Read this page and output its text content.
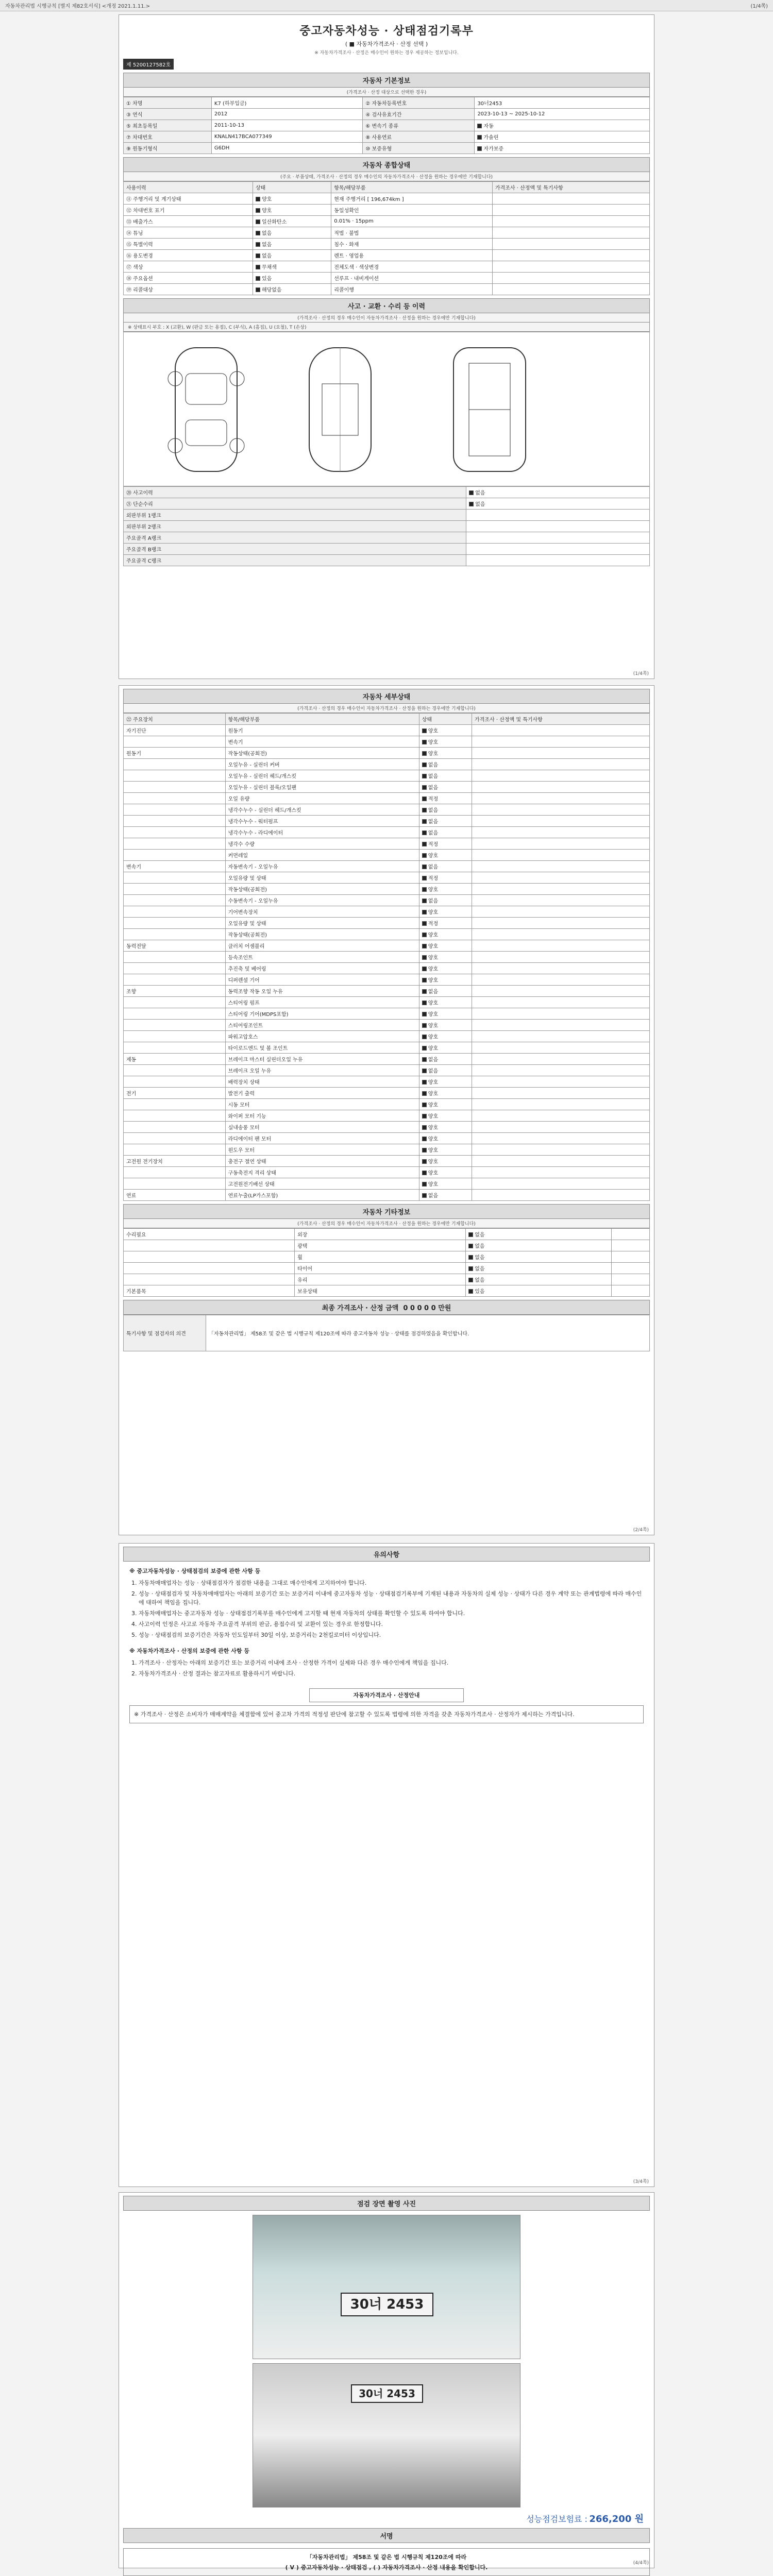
자동차관리법 시행규칙 [별지 제82호서식] <개정 2021.1.11.>	(1/4쪽)
중고자동차성능 · 상태점검기록부
( ■ 자동차가격조사 · 산정 선택 )
※ 자동차가격조사 · 산정은 매수인이 원하는 경우 제공하는 정보입니다.
제 5200127582호
자동차 기본정보
(가격조사 · 산정 대상으로 선택한 경우)
① 차명	K7 (하부입금)	② 자동차등록번호	30너2453
③ 연식	2012	④ 검사유효기간	2023-10-13 ~ 2025-10-12
⑤ 최초등록일	2011-10-13	⑥ 변속기 종류	자동
⑦ 차대번호	KNALN417BCA077349	⑧ 사용연료	가솔린
⑨ 원동기형식	G6DH	⑩ 보증유형	자가보증
자동차 종합상태
(주요 · 부품상태, 가격조사 · 산정의 경우 매수인의 자동차가격조사 · 산정을 원하는 경우에만 기재합니다)
사용이력	상태	항목/해당부품	가격조사 · 산정액 및 특기사항
⑪ 주행거리 및 계기상태	양호	현재 주행거리 [ 196,674km ]	
⑫ 차대번호 표기	양호	동일성확인	
⑬ 배출가스	일산화탄소	0.01% · 15ppm	
⑭ 튜닝	없음	적법 · 불법	
⑮ 특별이력	없음	침수 · 화재	
⑯ 용도변경	없음	렌트 · 영업용	
⑰ 색상	무채색	전체도색 · 색상변경	
⑱ 주요옵션	있음	선루프 · 내비게이션	
⑲ 리콜대상	해당없음	리콜이행	
사고 · 교환 · 수리 등 이력
(가격조사 · 산정의 경우 매수인이 자동차가격조사 · 산정을 원하는 경우에만 기재합니다)
※ 상태표시 부호 : X (교환), W (판금 또는 용접), C (부식), A (흠집), U (요철), T (손상)
⑳ 사고이력	없음
㉑ 단순수리	없음
외판부위 1랭크	
외판부위 2랭크	
주요골격 A랭크	
주요골격 B랭크	
주요골격 C랭크	
(1/4쪽)
자동차 세부상태
(가격조사 · 산정의 경우 매수인이 자동차가격조사 · 산정을 원하는 경우에만 기재합니다)
㉒ 주요장치	항목/해당부품	상태	가격조사 · 산정액 및 특기사항
자기진단	원동기	양호	
	변속기	양호	
원동기	작동상태(공회전)	양호	
	오일누유 - 실린더 커버	없음	
	오일누유 - 실린더 헤드/개스킷	없음	
	오일누유 - 실린더 블록/오일팬	없음	
	오일 유량	적정	
	냉각수누수 - 실린더 헤드/개스킷	없음	
	냉각수누수 - 워터펌프	없음	
	냉각수누수 - 라디에이터	없음	
	냉각수 수량	적정	
	커먼레일	양호	
변속기	자동변속기 - 오일누유	없음	
	오일유량 및 상태	적정	
	작동상태(공회전)	양호	
	수동변속기 - 오일누유	없음	
	기어변속장치	양호	
	오일유량 및 상태	적정	
	작동상태(공회전)	양호	
동력전달	클러치 어셈블리	양호	
	등속조인트	양호	
	추진축 및 베어링	양호	
	디퍼렌셜 기어	양호	
조향	동력조향 작동 오일 누유	없음	
	스티어링 펌프	양호	
	스티어링 기어(MDPS포함)	양호	
	스티어링조인트	양호	
	파워고압호스	양호	
	타이로드엔드 및 볼 조인트	양호	
제동	브레이크 마스터 실린더오일 누유	없음	
	브레이크 오일 누유	없음	
	배력장치 상태	양호	
전기	발전기 출력	양호	
	시동 모터	양호	
	와이퍼 모터 기능	양호	
	실내송풍 모터	양호	
	라디에이터 팬 모터	양호	
	윈도우 모터	양호	
고전원 전기장치	충전구 절연 상태	양호	
	구동축전지 격리 상태	양호	
	고전원전기배선 상태	양호	
연료	연료누출(LP가스포함)	없음	
자동차 기타정보
(가격조사 · 산정의 경우 매수인이 자동차가격조사 · 산정을 원하는 경우에만 기재합니다)
수리필요	외장	없음	
	광택	없음	
	휠	없음	
	타이어	없음	
	유리	없음	
기본품목	보유상태	있음	
최종 가격조사 · 산정 금액 0 0 0 0 0 만원
특기사항 및 점검자의 의견	「자동차관리법」 제58조 및 같은 법 시행규칙 제120조에 따라 중고자동차 성능 · 상태를 점검하였음을 확인합니다.
(2/4쪽)
유의사항
※ 중고자동차성능 · 상태점검의 보증에 관한 사항 등
1. 자동차매매업자는 성능 · 상태점검자가 점검한 내용을 그대로 매수인에게 고지하여야 합니다.
2. 성능 · 상태점검자 및 자동차매매업자는 아래의 보증기간 또는 보증거리 이내에 중고자동차 성능 · 상태점검기록부에 기재된 내용과 자동차의 실제 성능 · 상태가 다른 경우 계약 또는 관계법령에 따라 매수인에 대하여 책임을 집니다.
3. 자동차매매업자는 중고자동차 성능 · 상태점검기록부를 매수인에게 고지할 때 현재 자동차의 상태를 확인할 수 있도록 하여야 합니다.
4. 사고이력 인정은 사고로 자동차 주요골격 부위의 판금, 용접수리 및 교환이 있는 경우로 한정합니다.
5. 성능 · 상태점검의 보증기간은 자동차 인도일부터 30일 이상, 보증거리는 2천킬로미터 이상입니다.
※ 자동차가격조사 · 산정의 보증에 관한 사항 등
1. 가격조사 · 산정자는 아래의 보증기간 또는 보증거리 이내에 조사 · 산정한 가격이 실제와 다른 경우 매수인에게 책임을 집니다.
2. 자동차가격조사 · 산정 결과는 참고자료로 활용하시기 바랍니다.
자동차가격조사 · 산정안내
※ 가격조사 · 산정은 소비자가 매매계약을 체결함에 있어 중고차 가격의 적정성 판단에 참고할 수 있도록 법령에 의한 자격을 갖춘 자동차가격조사 · 산정자가 제시하는 가격입니다.
(3/4쪽)
점검 장면 촬영 사진
30너 2453
30너 2453
성능점검보험료 : 266,200 원
서명
「자동차관리법」 제58조 및 같은 법 시행규칙 제120조에 따라
( V ) 중고자동차성능 · 상태점검 , ( ) 자동차가격조사 · 산정 내용을 확인합니다.
(4/4쪽)
